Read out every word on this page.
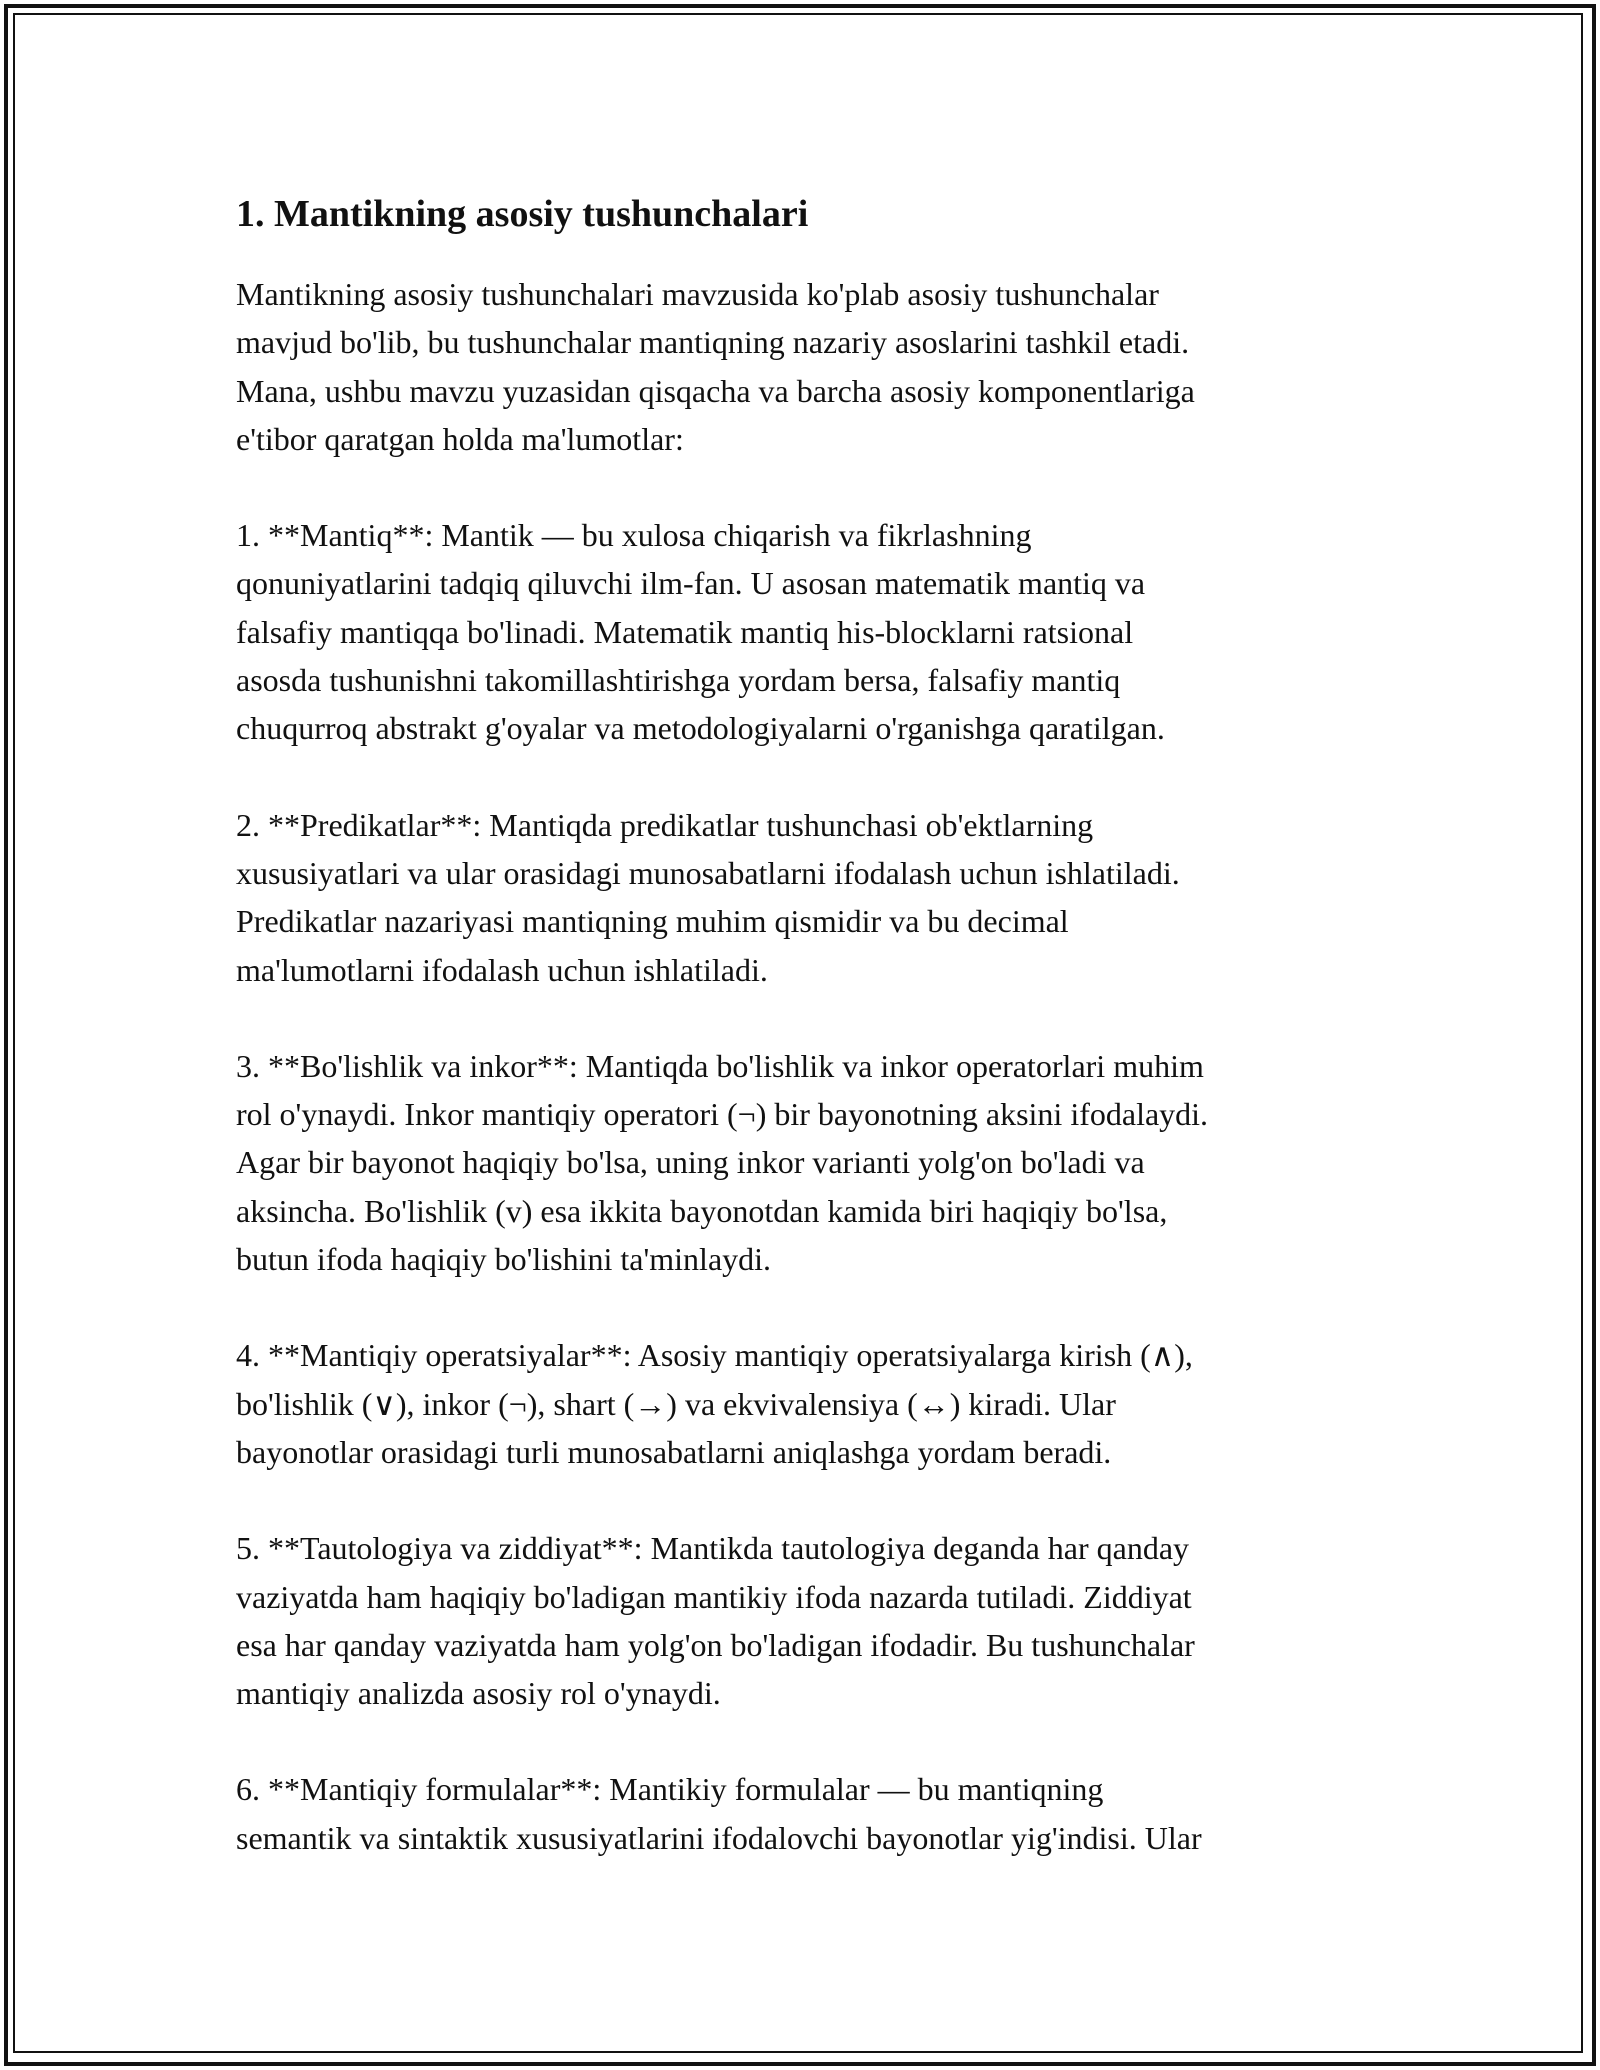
1. Mantikning asosiy tushunchalari

Mantikning asosiy tushunchalari mavzusida ko'plab asosiy tushunchalar
mavjud bo'lib, bu tushunchalar mantiqning nazariy asoslarini tashkil etadi.
Mana, ushbu mavzu yuzasidan qisqacha va barcha asosiy komponentlariga
e'tibor qaratgan holda ma'lumotlar:

1. **Mantiq**: Mantik — bu xulosa chiqarish va fikrlashning
qonuniyatlarini tadqiq qiluvchi ilm-fan. U asosan matematik mantiq va
falsafiy mantiqqa bo'linadi. Matematik mantiq his-blocklarni ratsional
asosda tushunishni takomillashtirishga yordam bersa, falsafiy mantiq
chuqurroq abstrakt g'oyalar va metodologiyalarni o'rganishga qaratilgan.

2. **Predikatlar**: Mantiqda predikatlar tushunchasi ob'ektlarning
xususiyatlari va ular orasidagi munosabatlarni ifodalash uchun ishlatiladi.
Predikatlar nazariyasi mantiqning muhim qismidir va bu decimal
ma'lumotlarni ifodalash uchun ishlatiladi.

3. **Bo'lishlik va inkor**: Mantiqda bo'lishlik va inkor operatorlari muhim
rol o'ynaydi. Inkor mantiqiy operatori (¬) bir bayonotning aksini ifodalaydi.
Agar bir bayonot haqiqiy bo'lsa, uning inkor varianti yolg'on bo'ladi va
aksincha. Bo'lishlik (v) esa ikkita bayonotdan kamida biri haqiqiy bo'lsa,
butun ifoda haqiqiy bo'lishini ta'minlaydi.

4. **Mantiqiy operatsiyalar**: Asosiy mantiqiy operatsiyalarga kirish (∧),
bo'lishlik (∨), inkor (¬), shart (→) va ekvivalensiya (↔) kiradi. Ular
bayonotlar orasidagi turli munosabatlarni aniqlashga yordam beradi.

5. **Tautologiya va ziddiyat**: Mantikda tautologiya deganda har qanday
vaziyatda ham haqiqiy bo'ladigan mantikiy ifoda nazarda tutiladi. Ziddiyat
esa har qanday vaziyatda ham yolg'on bo'ladigan ifodadir. Bu tushunchalar
mantiqiy analizda asosiy rol o'ynaydi.

6. **Mantiqiy formulalar**: Mantikiy formulalar — bu mantiqning
semantik va sintaktik xususiyatlarini ifodalovchi bayonotlar yig'indisi. Ular
